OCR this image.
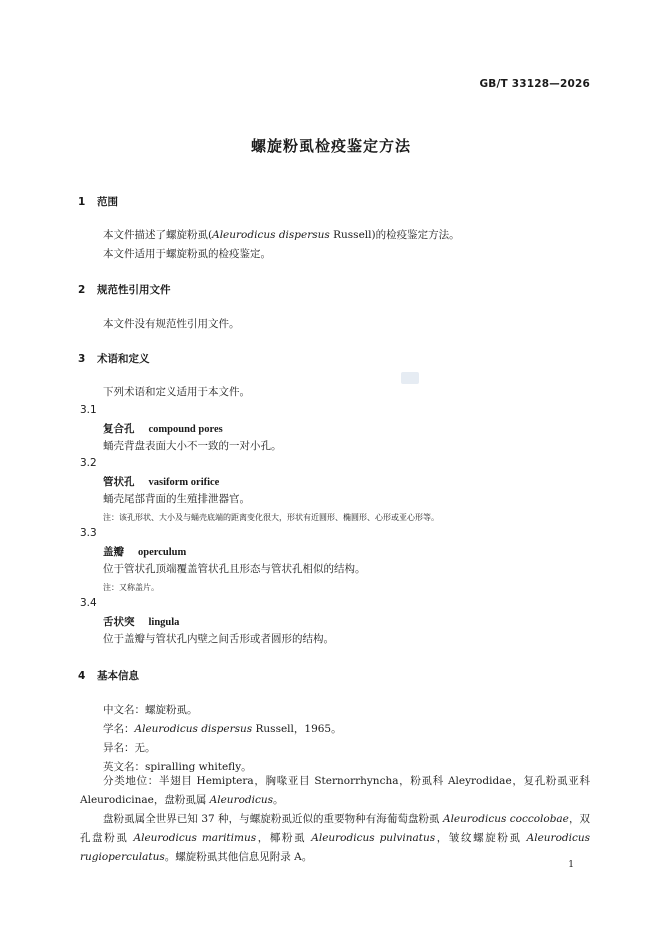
GB/T 33128—2026
螺旋粉虱检疫鉴定方法
1 范围
本文件描述了螺旋粉虱(Aleurodicus dispersus Russell)的检疫鉴定方法。
本文件适用于螺旋粉虱的检疫鉴定。
2 规范性引用文件
本文件没有规范性引用文件。
3 术语和定义
下列术语和定义适用于本文件。
3.1
复合孔 compound pores
蛹壳背盘表面大小不一致的一对小孔。
3.2
管状孔 vasiform orifice
蛹壳尾部背面的生殖排泄器官。
注：该孔形状、大小及与蛹壳底端的距离变化很大，形状有近圆形、椭圆形、心形或亚心形等。
3.3
盖瓣 operculum
位于管状孔顶端覆盖管状孔且形态与管状孔相似的结构。
注：又称盖片。
3.4
舌状突 lingula
位于盖瓣与管状孔内壁之间舌形或者圆形的结构。
4 基本信息
中文名：螺旋粉虱。
学名：Aleurodicus dispersus Russell，1965。
异名：无。
英文名：spiralling whitefly。
分类地位：半翅目 Hemiptera，胸喙亚目 Sternorrhyncha，粉虱科 Aleyrodidae，复孔粉虱亚科 Aleurodicinae，盘粉虱属 Aleurodicus。
盘粉虱属全世界已知 37 种，与螺旋粉虱近似的重要物种有海葡萄盘粉虱 Aleurodicus coccolobae，双孔盘粉虱 Aleurodicus maritimus，椰粉虱 Aleurodicus pulvinatus，皱纹螺旋粉虱 Aleurodicus rugioperculatus。螺旋粉虱其他信息见附录 A。
1
